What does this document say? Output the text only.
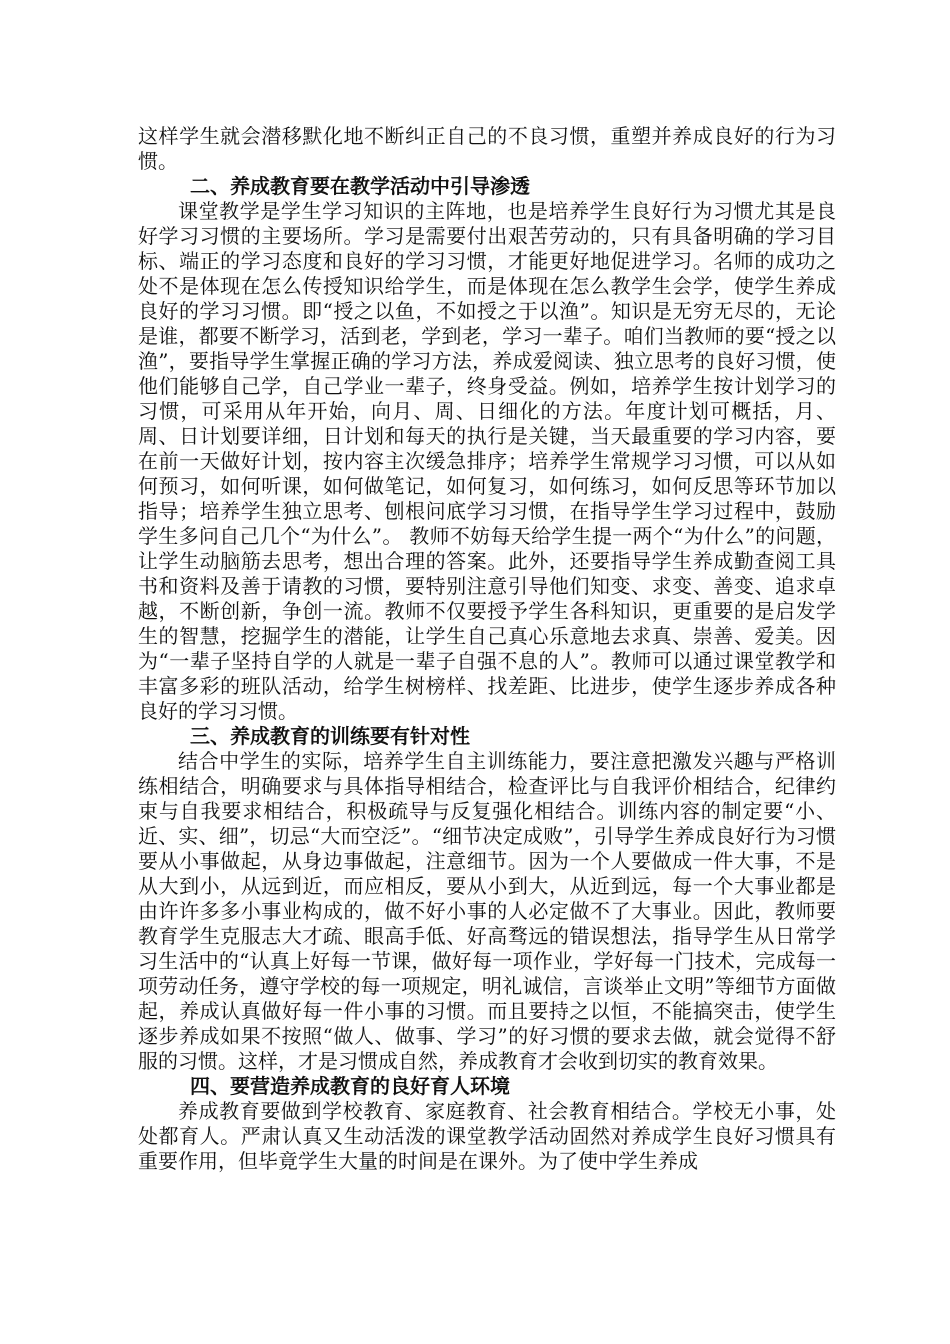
这样学生就会潜移默化地不断纠正自己的不良习惯，重塑并养成良好的行为习惯。

二、养成教育要在教学活动中引导渗透

课堂教学是学生学习知识的主阵地，也是培养学生良好行为习惯尤其是良好学习习惯的主要场所。学习是需要付出艰苦劳动的，只有具备明确的学习目标、端正的学习态度和良好的学习习惯，才能更好地促进学习。名师的成功之处不是体现在怎么传授知识给学生，而是体现在怎么教学生会学，使学生养成良好的学习习惯。即“授之以鱼，不如授之于以渔”。知识是无穷无尽的，无论是谁，都要不断学习，活到老，学到老，学习一辈子。咱们当教师的要“授之以渔”，要指导学生掌握正确的学习方法，养成爱阅读、独立思考的良好习惯，使他们能够自己学，自己学业一辈子，终身受益。例如，培养学生按计划学习的习惯，可采用从年开始，向月、周、日细化的方法。年度计划可概括，月、周、日计划要详细，日计划和每天的执行是关键，当天最重要的学习内容，要在前一天做好计划，按内容主次缓急排序；培养学生常规学习习惯，可以从如何预习，如何听课，如何做笔记，如何复习，如何练习，如何反思等环节加以指导；培养学生独立思考、刨根问底学习习惯，在指导学生学习过程中，鼓励学生多问自己几个“为什么”。 教师不妨每天给学生提一两个“为什么”的问题，让学生动脑筋去思考，想出合理的答案。此外，还要指导学生养成勤查阅工具书和资料及善于请教的习惯，要特别注意引导他们知变、求变、善变、追求卓越，不断创新，争创一流。教师不仅要授予学生各科知识，更重要的是启发学生的智慧，挖掘学生的潜能，让学生自己真心乐意地去求真、崇善、爱美。因为“一辈子坚持自学的人就是一辈子自强不息的人”。教师可以通过课堂教学和丰富多彩的班队活动，给学生树榜样、找差距、比进步，使学生逐步养成各种良好的学习习惯。

三、养成教育的训练要有针对性

结合中学生的实际，培养学生自主训练能力，要注意把激发兴趣与严格训练相结合，明确要求与具体指导相结合，检查评比与自我评价相结合，纪律约束与自我要求相结合，积极疏导与反复强化相结合。训练内容的制定要“小、近、实、细”，切忌“大而空泛”。“细节决定成败”，引导学生养成良好行为习惯要从小事做起，从身边事做起，注意细节。因为一个人要做成一件大事，不是从大到小，从远到近，而应相反，要从小到大，从近到远，每一个大事业都是由许许多多小事业构成的，做不好小事的人必定做不了大事业。因此，教师要教育学生克服志大才疏、眼高手低、好高骛远的错误想法，指导学生从日常学习生活中的“认真上好每一节课，做好每一项作业，学好每一门技术，完成每一项劳动任务，遵守学校的每一项规定，明礼诚信，言谈举止文明”等细节方面做起，养成认真做好每一件小事的习惯。而且要持之以恒，不能搞突击，使学生逐步养成如果不按照“做人、做事、学习”的好习惯的要求去做，就会觉得不舒服的习惯。这样，才是习惯成自然，养成教育才会收到切实的教育效果。

四、要营造养成教育的良好育人环境

养成教育要做到学校教育、家庭教育、社会教育相结合。学校无小事，处处都育人。严肃认真又生动活泼的课堂教学活动固然对养成学生良好习惯具有重要作用，但毕竟学生大量的时间是在课外。为了使中学生养成
